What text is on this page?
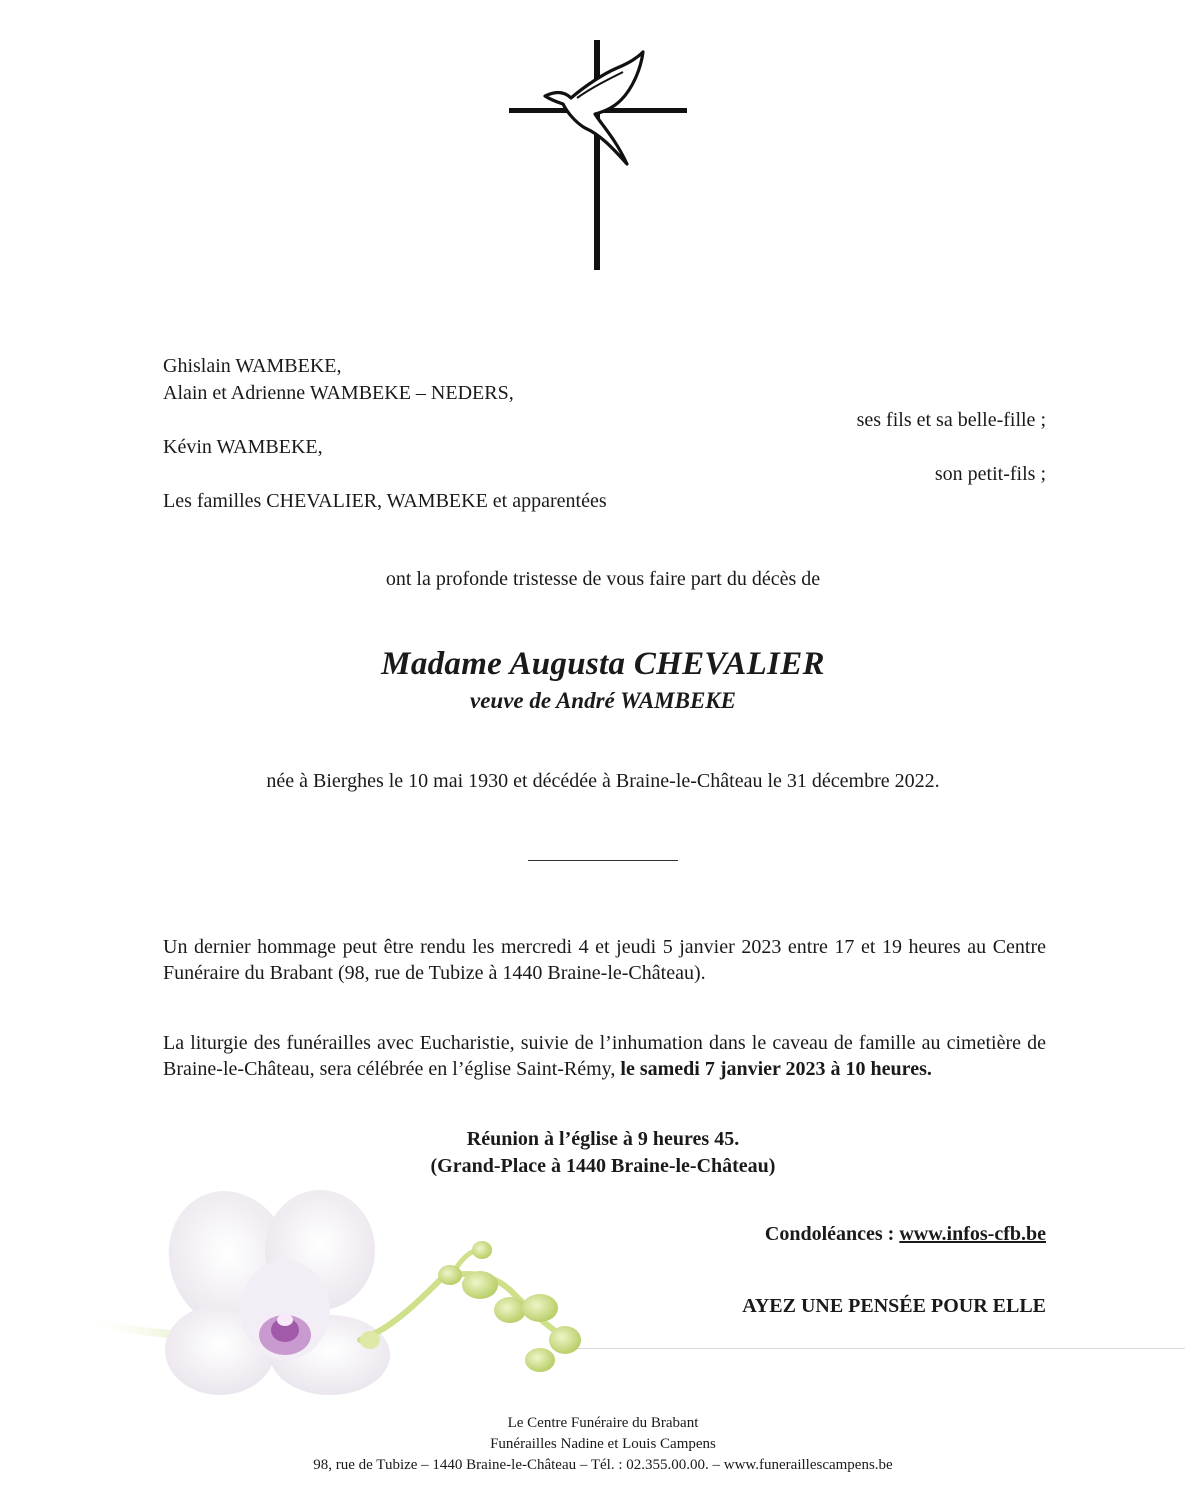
Ghislain WAMBEKE,
Alain et Adrienne WAMBEKE – NEDERS,
ses fils et sa belle-fille ;
Kévin WAMBEKE,
son petit-fils ;
Les familles CHEVALIER, WAMBEKE et apparentées
ont la profonde tristesse de vous faire part du décès de
Madame Augusta CHEVALIER
veuve de André WAMBEKE
née à Bierghes le 10 mai 1930 et décédée à Braine-le-Château le 31 décembre 2022.
Un dernier hommage peut être rendu les mercredi 4 et jeudi 5 janvier 2023 entre 17 et 19 heures au Centre Funéraire du Brabant (98, rue de Tubize à 1440 Braine-le-Château).
La liturgie des funérailles avec Eucharistie, suivie de l’inhumation dans le caveau de famille au cimetière de Braine-le-Château, sera célébrée en l’église Saint-Rémy, le samedi 7 janvier 2023 à 10 heures.
Réunion à l’église à 9 heures 45.
(Grand-Place à 1440 Braine-le-Château)
Condoléances : www.infos-cfb.be
AYEZ UNE PENSÉE POUR ELLE
Le Centre Funéraire du Brabant
Funérailles Nadine et Louis Campens
98, rue de Tubize – 1440 Braine-le-Château – Tél. : 02.355.00.00. – www.funeraillescampens.be
